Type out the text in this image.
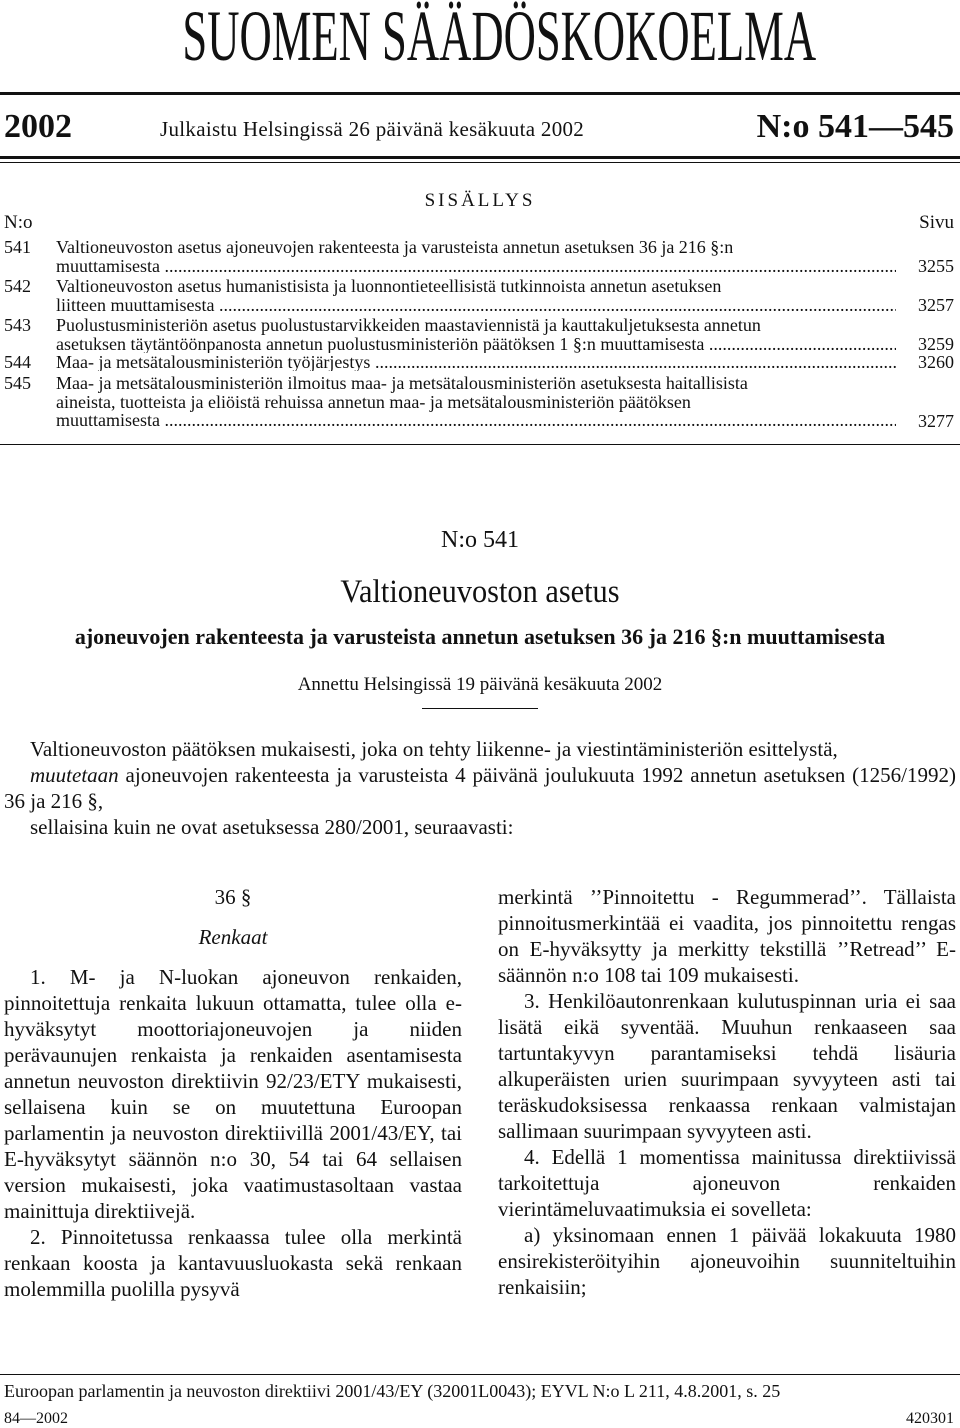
SUOMEN SÄÄDÖSKOKOELMA
2002	Julkaistu Helsingissä 26 päivänä kesäkuuta 2002	N:o 541—545
SISÄLLYS
N:o	Sivu
541 Valtioneuvoston asetus ajoneuvojen rakenteesta ja varusteista annetun asetuksen 36 ja 216 §:n
muuttamisesta .....	3255
542 Valtioneuvoston asetus humanistisista ja luonnontieteellisistä tutkinnoista annetun asetuksen
liitteen muuttamisesta .....	3257
543 Puolustusministeriön asetus puolustustarvikkeiden maastaviennistä ja kauttakuljetuksesta annetun
asetuksen täytäntöönpanosta annetun puolustusministeriön päätöksen 1 §:n muuttamisesta .....	3259
544 Maa- ja metsätalousministeriön työjärjestys .....	3260
545 Maa- ja metsätalousministeriön ilmoitus maa- ja metsätalousministeriön asetuksesta haitallisista
aineista, tuotteista ja eliöistä rehuissa annetun maa- ja metsätalousministeriön päätöksen
muuttamisesta .....	3277
N:o 541
Valtioneuvoston asetus
ajoneuvojen rakenteesta ja varusteista annetun asetuksen 36 ja 216 §:n muuttamisesta
Annettu Helsingissä 19 päivänä kesäkuuta 2002
Valtioneuvoston päätöksen mukaisesti, joka on tehty liikenne- ja viestintäministeriön esittelystä,
muutetaan ajoneuvojen rakenteesta ja varusteista 4 päivänä joulukuuta 1992 annetun asetuksen (1256/1992) 36 ja 216 §,
sellaisina kuin ne ovat asetuksessa 280/2001, seuraavasti:

36 §

Renkaat

1. M- ja N-luokan ajoneuvon renkaiden, pinnoitettuja renkaita lukuun ottamatta, tulee olla e-hyväksytyt moottoriajoneuvojen ja niiden perävaunujen renkaista ja renkaiden asentamisesta annetun neuvoston direktiivin 92/23/ETY mukaisesti, sellaisena kuin se on muutettuna Euroopan parlamentin ja neuvoston direktiivillä 2001/43/EY, tai E-hyväksytyt säännön n:o 30, 54 tai 64 sellaisen version mukaisesti, joka vaatimustasoltaan vastaa mainittuja direktiivejä.

2. Pinnoitetussa renkaassa tulee olla merkintä renkaan koosta ja kantavuusluokasta sekä renkaan molemmilla puolilla pysyvä

merkintä ’’Pinnoitettu - Regummerad’’. Tällaista pinnoitusmerkintää ei vaadita, jos pinnoitettu rengas on E-hyväksytty ja merkitty tekstillä ’’Retread’’ E-säännön n:o 108 tai 109 mukaisesti.

3. Henkilöautonrenkaan kulutuspinnan uria ei saa lisätä eikä syventää. Muuhun renkaaseen saa tartuntakyvyn parantamiseksi tehdä lisäuria alkuperäisten urien suurimpaan syvyyteen asti tai teräskudoksisessa renkaassa renkaan valmistajan sallimaan suurimpaan syvyyteen asti.

4. Edellä 1 momentissa mainitussa direktiivissä tarkoitettuja ajoneuvon renkaiden vierintämeluvaatimuksia ei sovelleta:

a) yksinomaan ennen 1 päivää lokakuuta 1980 ensirekisteröityihin ajoneuvoihin suunniteltuihin renkaisiin;

Euroopan parlamentin ja neuvoston direktiivi 2001/43/EY (32001L0043); EYVL N:o L 211, 4.8.2001, s. 25
84—2002	420301
